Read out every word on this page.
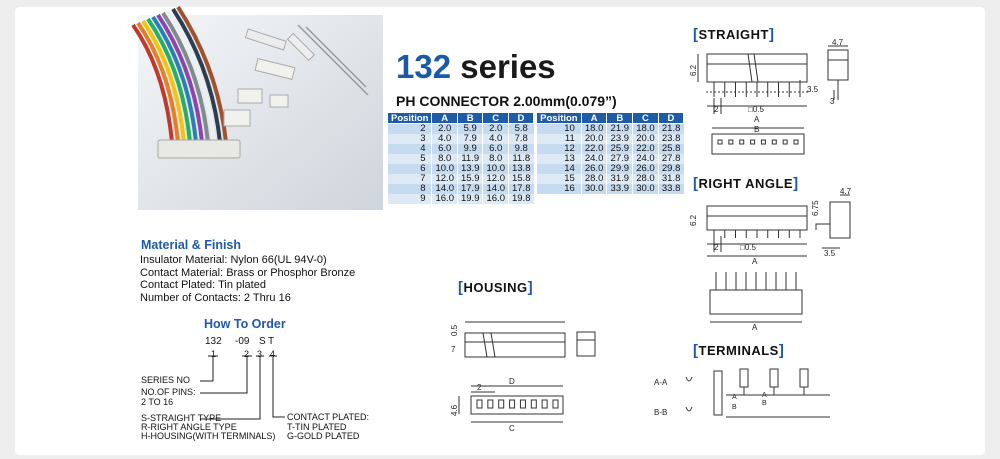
132 series
PH CONNECTOR 2.00mm(0.079”)
Position	A	B	C	D
2	2.0	5.9	2.0	5.8
3	4.0	7.9	4.0	7.8
4	6.0	9.9	6.0	9.8
5	8.0	11.9	8.0	11.8
6	10.0	13.9	10.0	13.8
7	12.0	15.9	12.0	15.8
8	14.0	17.9	14.0	17.8
9	16.0	19.9	16.0	19.8
Position	A	B	C	D
10	18.0	21.9	18.0	21.8
11	20.0	23.9	20.0	23.8
12	22.0	25.9	22.0	25.8
13	24.0	27.9	24.0	27.8
14	26.0	29.9	26.0	29.8
15	28.0	31.9	28.0	31.8
16	30.0	33.9	30.0	33.8
Material & Finish
Insulator Material: Nylon 66(UL 94V-0)
Contact Material: Brass or Phosphor Bronze
Contact Plated: Tin plated
Number of Contacts: 2 Thru 16
How To Order
132 -09 S T
1	2 3 4
SERIES NO
NO.OF PINS:
2 TO 16
S-STRAIGHT TYPE
R-RIGHT ANGLE TYPE
H-HOUSING(WITH TERMINALS)
CONTACT PLATED:
T-TIN PLATED
G-GOLD PLATED
[STRAIGHT]
[RIGHT ANGLE]
[HOUSING]
[TERMINALS]
6.2
2	□0.5
A
B
4.7
3.5
3
6.2
2	□0.5
A
4.7
6.75
3.5
A
0.5
7
2
D
C
4.6
A-A
B-B
A
B
A
B
